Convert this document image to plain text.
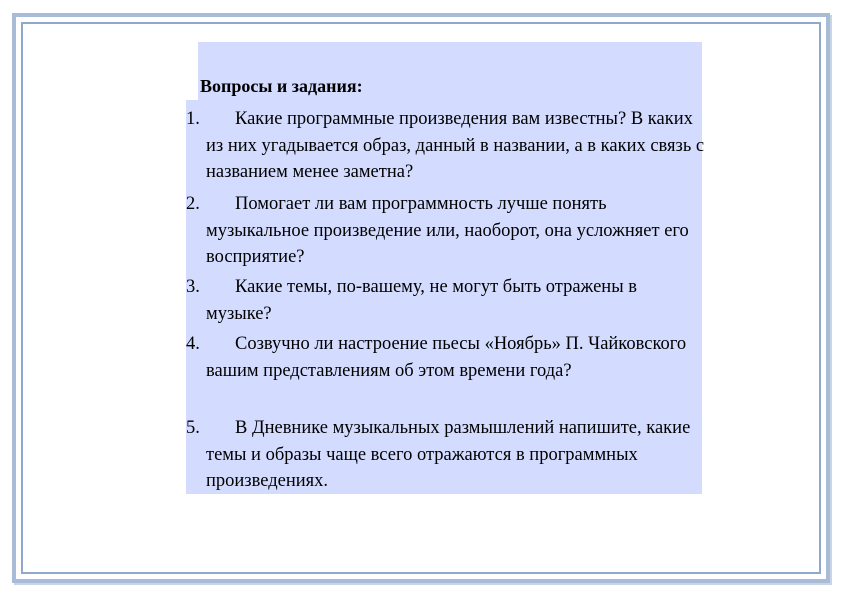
Вопросы и задания:
1.	Какие программные произведения вам известны? В каких из них угадывается образ, данный в названии, а в каких связь с названием менее заметна?

2.	Помогает ли вам программность лучше понять музыкальное произведение или, наоборот, она усложняет его восприятие?

3.	Какие темы, по-вашему, не могут быть отражены в музыке?

4.	Созвучно ли настроение пьесы «Ноябрь» П. Чайковского вашим представлениям об этом времени года?

5.	В Дневнике музыкальных размышлений напишите, какие темы и образы чаще всего отражаются в программных произведениях.
